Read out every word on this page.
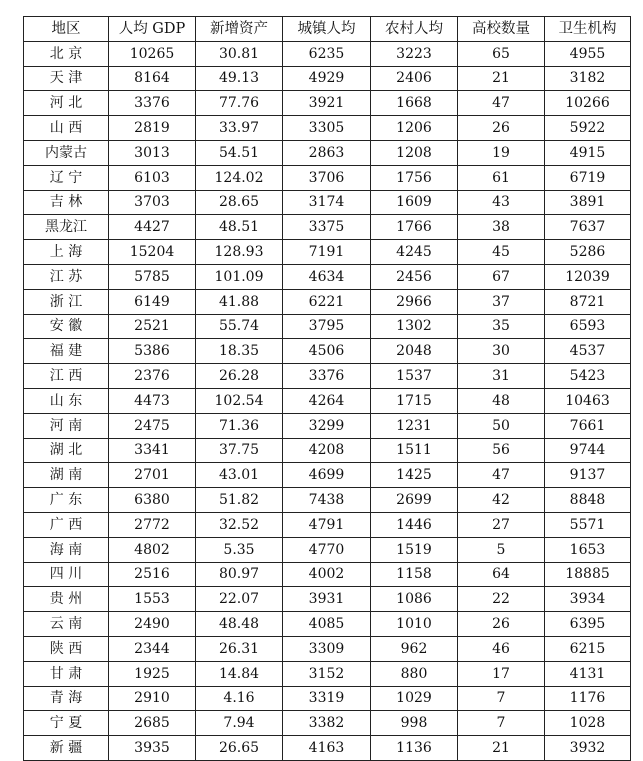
地区	人均 GDP	新增资产	城镇人均	农村人均	高校数量	卫生机构
北 京	10265	30.81	6235	3223	65	4955
天 津	8164	49.13	4929	2406	21	3182
河 北	3376	77.76	3921	1668	47	10266
山 西	2819	33.97	3305	1206	26	5922
内蒙古	3013	54.51	2863	1208	19	4915
辽 宁	6103	124.02	3706	1756	61	6719
吉 林	3703	28.65	3174	1609	43	3891
黑龙江	4427	48.51	3375	1766	38	7637
上 海	15204	128.93	7191	4245	45	5286
江 苏	5785	101.09	4634	2456	67	12039
浙 江	6149	41.88	6221	2966	37	8721
安 徽	2521	55.74	3795	1302	35	6593
福 建	5386	18.35	4506	2048	30	4537
江 西	2376	26.28	3376	1537	31	5423
山 东	4473	102.54	4264	1715	48	10463
河 南	2475	71.36	3299	1231	50	7661
湖 北	3341	37.75	4208	1511	56	9744
湖 南	2701	43.01	4699	1425	47	9137
广 东	6380	51.82	7438	2699	42	8848
广 西	2772	32.52	4791	1446	27	5571
海 南	4802	5.35	4770	1519	5	1653
四 川	2516	80.97	4002	1158	64	18885
贵 州	1553	22.07	3931	1086	22	3934
云 南	2490	48.48	4085	1010	26	6395
陕 西	2344	26.31	3309	962	46	6215
甘 肃	1925	14.84	3152	880	17	4131
青 海	2910	4.16	3319	1029	7	1176
宁 夏	2685	7.94	3382	998	7	1028
新 疆	3935	26.65	4163	1136	21	3932
